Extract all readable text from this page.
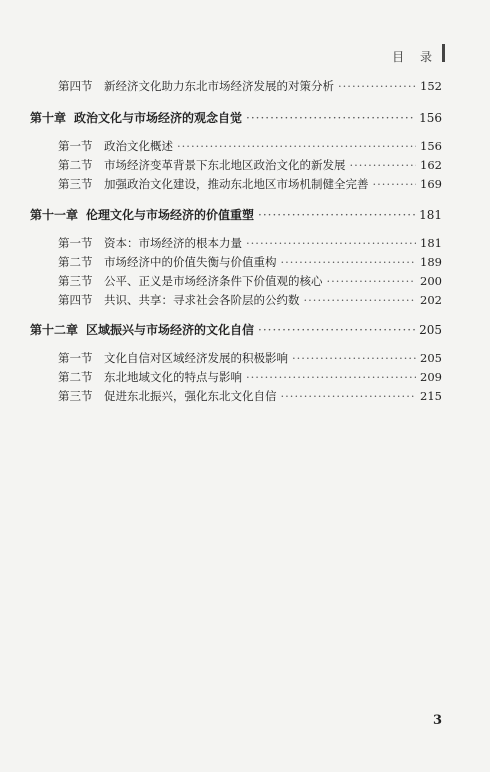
目 录
第四节	新经济文化助力东北市场经济发展的对策分析 ·····	152
第十章 政治文化与市场经济的观念自觉 ·····	156
第一节	政治文化概述 ·····	156
第二节	市场经济变革背景下东北地区政治文化的新发展 ·····	162
第三节	加强政治文化建设，推动东北地区市场机制健全完善 ·····	169
第十一章 伦理文化与市场经济的价值重塑 ·····	181
第一节	资本：市场经济的根本力量 ·····	181
第二节	市场经济中的价值失衡与价值重构 ·····	189
第三节	公平、正义是市场经济条件下价值观的核心 ·····	200
第四节	共识、共享：寻求社会各阶层的公约数 ·····	202
第十二章 区域振兴与市场经济的文化自信 ·····	205
第一节	文化自信对区域经济发展的积极影响 ·····	205
第二节	东北地域文化的特点与影响 ·····	209
第三节	促进东北振兴，强化东北文化自信 ·····	215
3
